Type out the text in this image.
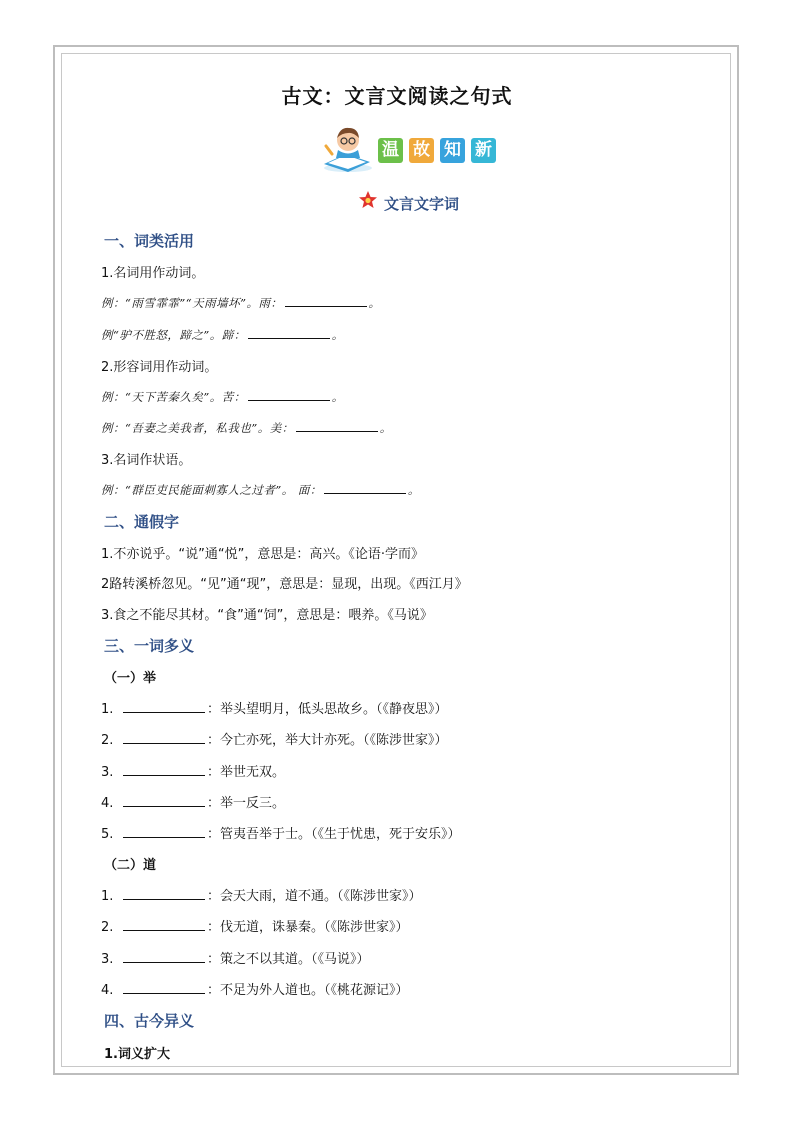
古文：文言文阅读之句式
温 故 知 新
文言文字词
一、词类活用
1.名词用作动词。
例：“雨雪霏霏”“天雨墙坏”。雨：	。
例“驴不胜怒，蹄之”。蹄：	。
2.形容词用作动词。
例：“天下苦秦久矣”。苦：	。
例：“吾妻之美我者，私我也”。美：	。
3.名词作状语。
例：“群臣吏民能面刺寡人之过者”。 面：	。
二、通假字
1.不亦说乎。“说”通“悦”，意思是：高兴。《论语·学而》
2路转溪桥忽见。“见”通“现”，意思是：显现，出现。《西江月》
3.食之不能尽其材。“食”通“饲”，意思是：喂养。《马说》
三、一词多义
（一）举
1.	：举头望明月，低头思故乡。（《静夜思》）
2.	：今亡亦死，举大计亦死。（《陈涉世家》）
3.	：举世无双。
4.	：举一反三。
5.	：管夷吾举于士。（《生于忧患，死于安乐》）
（二）道
1.	：会天大雨，道不通。（《陈涉世家》）
2.	：伐无道，诛暴秦。（《陈涉世家》）
3.	：策之不以其道。（《马说》）
4.	：不足为外人道也。（《桃花源记》）
四、古今异义
1.词义扩大
